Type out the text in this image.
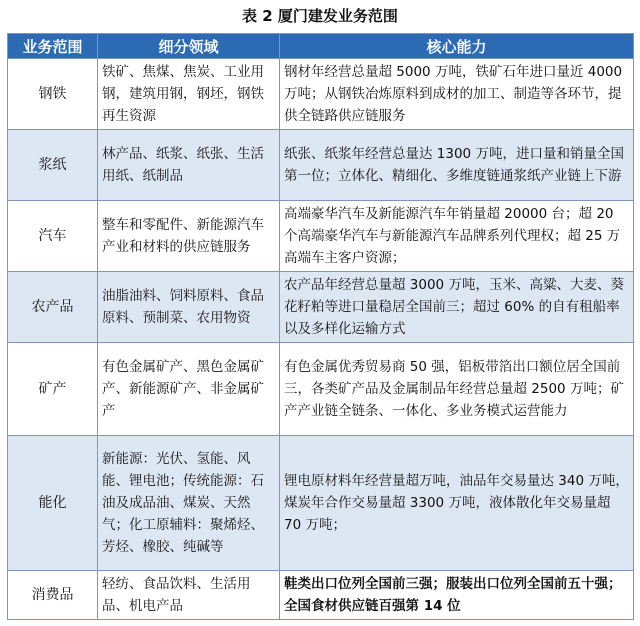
表 2 厦门建发业务范围
业务范围	细分领域	核心能力
钢铁	铁矿、焦煤、焦炭、工业用钢，建筑用钢，钢坯，钢铁再生资源	钢材年经营总量超 5000 万吨，铁矿石年进口量近 4000 万吨；从钢铁冶炼原料到成材的加工、制造等各环节，提供全链路供应链服务
浆纸	林产品、纸浆、纸张、生活用纸、纸制品	纸张、纸浆年经营总量达 1300 万吨，进口量和销量全国第一位；立体化、精细化、多维度链通浆纸产业链上下游
汽车	整车和零配件、新能源汽车产业和材料的供应链服务	高端豪华汽车及新能源汽车年销量超 20000 台；超 20 个高端豪华汽车与新能源汽车品牌系列代理权；超 25 万高端车主客户资源；
农产品	油脂油料、饲料原料、食品原料、预制菜、农用物资	农产品年经营总量超 3000 万吨，玉米、高粱、大麦、葵花籽粕等进口量稳居全国前三；超过 60% 的自有租船率以及多样化运输方式
矿产	有色金属矿产、黑色金属矿产、新能源矿产、非金属矿产	有色金属优秀贸易商 50 强，铝板带箔出口额位居全国前三，各类矿产品及金属制品年经营总量超 2500 万吨；矿产产业链全链条、一体化、多业务模式运营能力
能化	新能源：光伏、氢能、风能、锂电池；传统能源：石油及成品油、煤炭、天然气；化工原辅料：聚烯烃、芳烃、橡胶、纯碱等	锂电原材料年经营量超万吨，油品年交易量达 340 万吨，煤炭年合作交易量超 3300 万吨，液体散化年交易量超 70 万吨；
消费品	轻纺、食品饮料、生活用品、机电产品	鞋类出口位列全国前三强；服装出口位列全国前五十强；全国食材供应链百强第 14 位
